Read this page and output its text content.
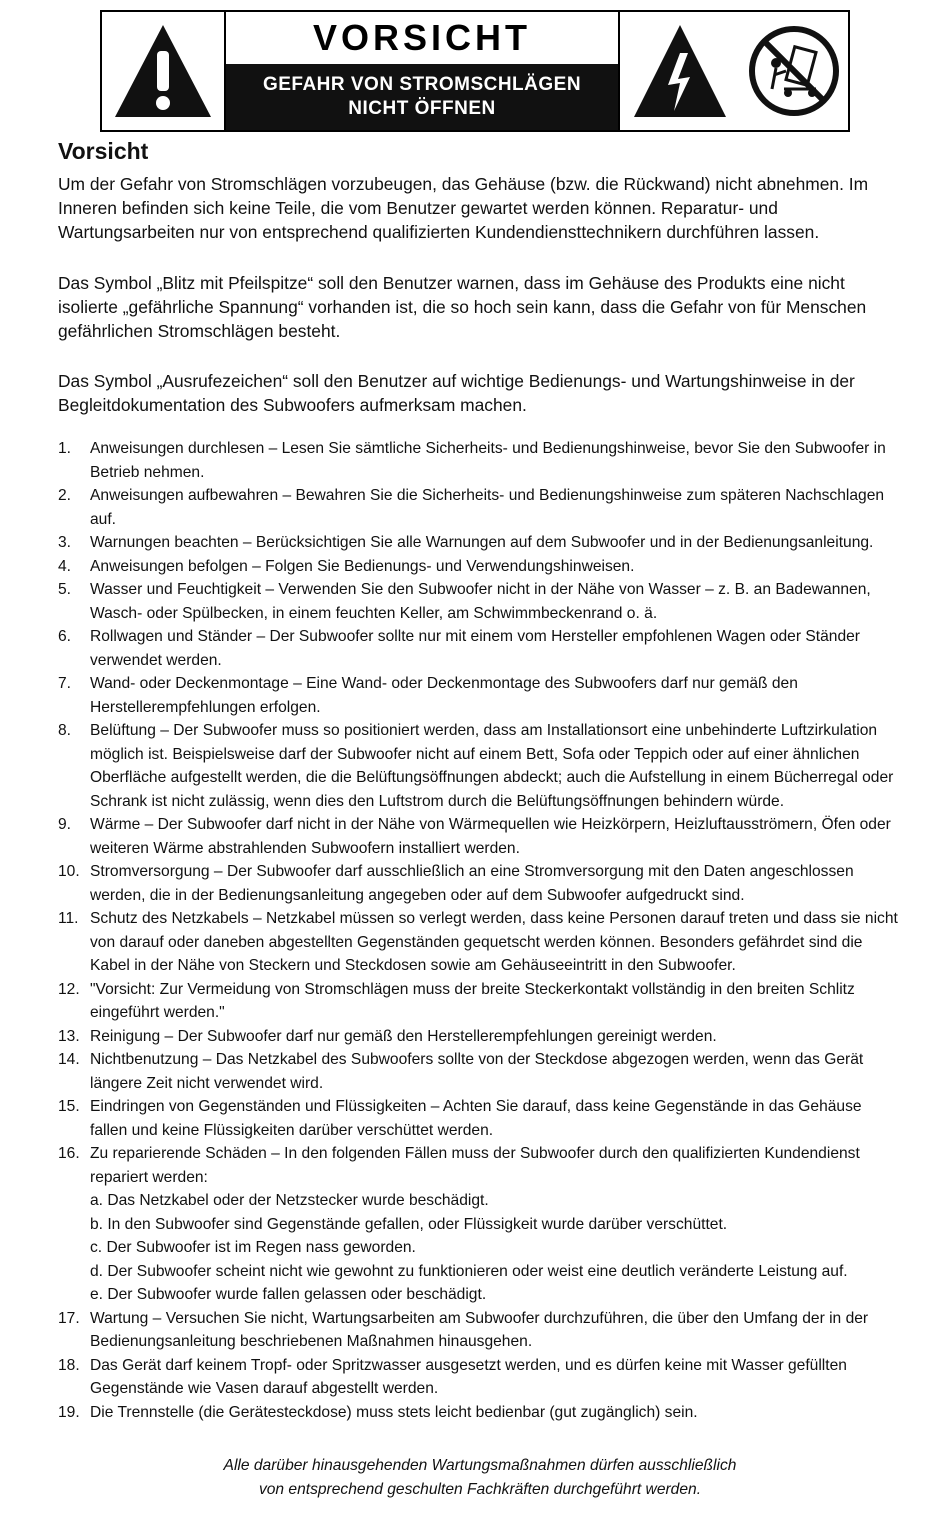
VORSICHT
GEFAHR VON STROMSCHLÄGEN
NICHT ÖFFNEN
Vorsicht

Um der Gefahr von Stromschlägen vorzubeugen, das Gehäuse (bzw. die Rückwand) nicht abnehmen. Im Inneren befinden sich keine Teile, die vom Benutzer gewartet werden können. Reparatur- und Wartungsarbeiten nur von entsprechend qualifizierten Kundendiensttechnikern durchführen lassen.

Das Symbol „Blitz mit Pfeilspitze“ soll den Benutzer warnen, dass im Gehäuse des Produkts eine nicht isolierte „gefährliche Spannung“ vorhanden ist, die so hoch sein kann, dass die Gefahr von für Menschen gefährlichen Stromschlägen besteht.

Das Symbol „Ausrufezeichen“ soll den Benutzer auf wichtige Bedienungs- und Wartungshinweise in der Begleitdokumentation des Subwoofers aufmerksam machen.

1. Anweisungen durchlesen – Lesen Sie sämtliche Sicherheits- und Bedienungshinweise, bevor Sie den Subwoofer in Betrieb nehmen.
2. Anweisungen aufbewahren – Bewahren Sie die Sicherheits- und Bedienungshinweise zum späteren Nachschlagen auf.
3. Warnungen beachten – Berücksichtigen Sie alle Warnungen auf dem Subwoofer und in der Bedienungsanleitung.
4. Anweisungen befolgen – Folgen Sie Bedienungs- und Verwendungshinweisen.
5. Wasser und Feuchtigkeit – Verwenden Sie den Subwoofer nicht in der Nähe von Wasser – z. B. an Badewannen, Wasch- oder Spülbecken, in einem feuchten Keller, am Schwimmbeckenrand o. ä.
6. Rollwagen und Ständer – Der Subwoofer sollte nur mit einem vom Hersteller empfohlenen Wagen oder Ständer verwendet werden.
7. Wand- oder Deckenmontage – Eine Wand- oder Deckenmontage des Subwoofers darf nur gemäß den Herstellerempfehlungen erfolgen.
8. Belüftung – Der Subwoofer muss so positioniert werden, dass am Installationsort eine unbehinderte Luftzirkulation möglich ist. Beispielsweise darf der Subwoofer nicht auf einem Bett, Sofa oder Teppich oder auf einer ähnlichen Oberfläche aufgestellt werden, die die Belüftungsöffnungen abdeckt; auch die Aufstellung in einem Bücherregal oder Schrank ist nicht zulässig, wenn dies den Luftstrom durch die Belüftungsöffnungen behindern würde.
9. Wärme – Der Subwoofer darf nicht in der Nähe von Wärmequellen wie Heizkörpern, Heizluftausströmern, Öfen oder weiteren Wärme abstrahlenden Subwoofern installiert werden.
10. Stromversorgung – Der Subwoofer darf ausschließlich an eine Stromversorgung mit den Daten angeschlossen werden, die in der Bedienungsanleitung angegeben oder auf dem Subwoofer aufgedruckt sind.
11. Schutz des Netzkabels – Netzkabel müssen so verlegt werden, dass keine Personen darauf treten und dass sie nicht von darauf oder daneben abgestellten Gegenständen gequetscht werden können. Besonders gefährdet sind die Kabel in der Nähe von Steckern und Steckdosen sowie am Gehäuseeintritt in den Subwoofer.
12. "Vorsicht: Zur Vermeidung von Stromschlägen muss der breite Steckerkontakt vollständig in den breiten Schlitz eingeführt werden."
13. Reinigung – Der Subwoofer darf nur gemäß den Herstellerempfehlungen gereinigt werden.
14. Nichtbenutzung – Das Netzkabel des Subwoofers sollte von der Steckdose abgezogen werden, wenn das Gerät längere Zeit nicht verwendet wird.
15. Eindringen von Gegenständen und Flüssigkeiten – Achten Sie darauf, dass keine Gegenstände in das Gehäuse fallen und keine Flüssigkeiten darüber verschüttet werden.
16. Zu reparierende Schäden – In den folgenden Fällen muss der Subwoofer durch den qualifizierten Kundendienst repariert werden:
a. Das Netzkabel oder der Netzstecker wurde beschädigt.
b. In den Subwoofer sind Gegenstände gefallen, oder Flüssigkeit wurde darüber verschüttet.
c. Der Subwoofer ist im Regen nass geworden.
d. Der Subwoofer scheint nicht wie gewohnt zu funktionieren oder weist eine deutlich veränderte Leistung auf.
e. Der Subwoofer wurde fallen gelassen oder beschädigt.
17. Wartung – Versuchen Sie nicht, Wartungsarbeiten am Subwoofer durchzuführen, die über den Umfang der in der Bedienungsanleitung beschriebenen Maßnahmen hinausgehen.
18. Das Gerät darf keinem Tropf- oder Spritzwasser ausgesetzt werden, und es dürfen keine mit Wasser gefüllten Gegenstände wie Vasen darauf abgestellt werden.
19. Die Trennstelle (die Gerätesteckdose) muss stets leicht bedienbar (gut zugänglich) sein.
Alle darüber hinausgehenden Wartungsmaßnahmen dürfen ausschließlich
von entsprechend geschulten Fachkräften durchgeführt werden.
